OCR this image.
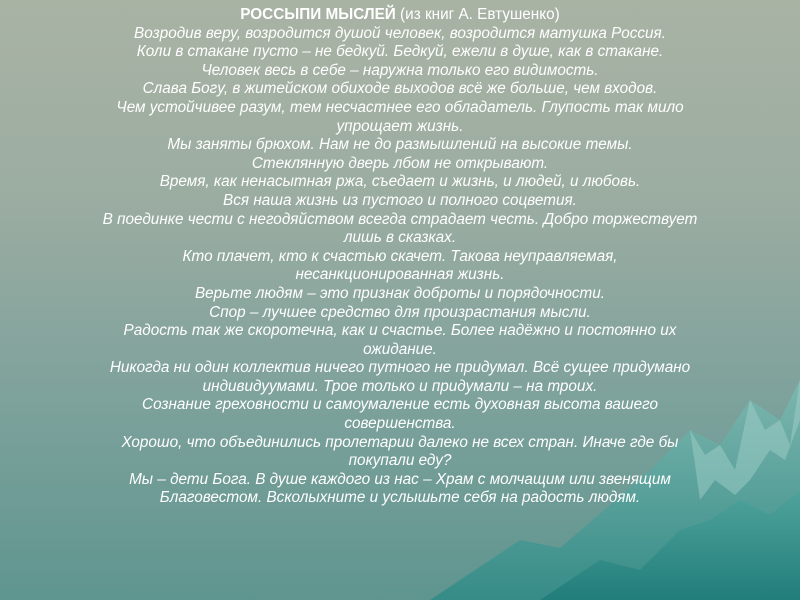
РОССЫПИ МЫСЛЕЙ (из книг А. Евтушенко)
Возродив веру, возродится душой человек, возродится матушка Россия.
Коли в стакане пусто – не бедкуй. Бедкуй, ежели в душе, как в стакане.
Человек весь в себе – наружна только его видимость.
Слава Богу, в житейском обиходе выходов всё же больше, чем входов.
Чем устойчивее разум, тем несчастнее его обладатель. Глупость так мило
упрощает жизнь.
Мы заняты брюхом. Нам не до размышлений на высокие темы.
Стеклянную дверь лбом не открывают.
Время, как ненасытная ржа, съедает и жизнь, и людей, и любовь.
Вся наша жизнь из пустого и полного соцветия.
В поединке чести с негодяйством всегда страдает честь. Добро торжествует
лишь в сказках.
Кто плачет, кто к счастью скачет. Такова неуправляемая,
несанкционированная жизнь.
Верьте людям – это признак доброты и порядочности.
Спор – лучшее средство для произрастания мысли.
Радость так же скоротечна, как и счастье. Более надёжно и постоянно их
ожидание.
Никогда ни один коллектив ничего путного не придумал. Всё сущее придумано
индивидуумами. Трое только и придумали – на троих.
Сознание греховности и самоумаление есть духовная высота вашего
совершенства.
Хорошо, что объединились пролетарии далеко не всех стран. Иначе где бы
покупали еду?
Мы – дети Бога. В душе каждого из нас – Храм с молчащим или звенящим
Благовестом. Всколыхните и услышьте себя на радость людям.
